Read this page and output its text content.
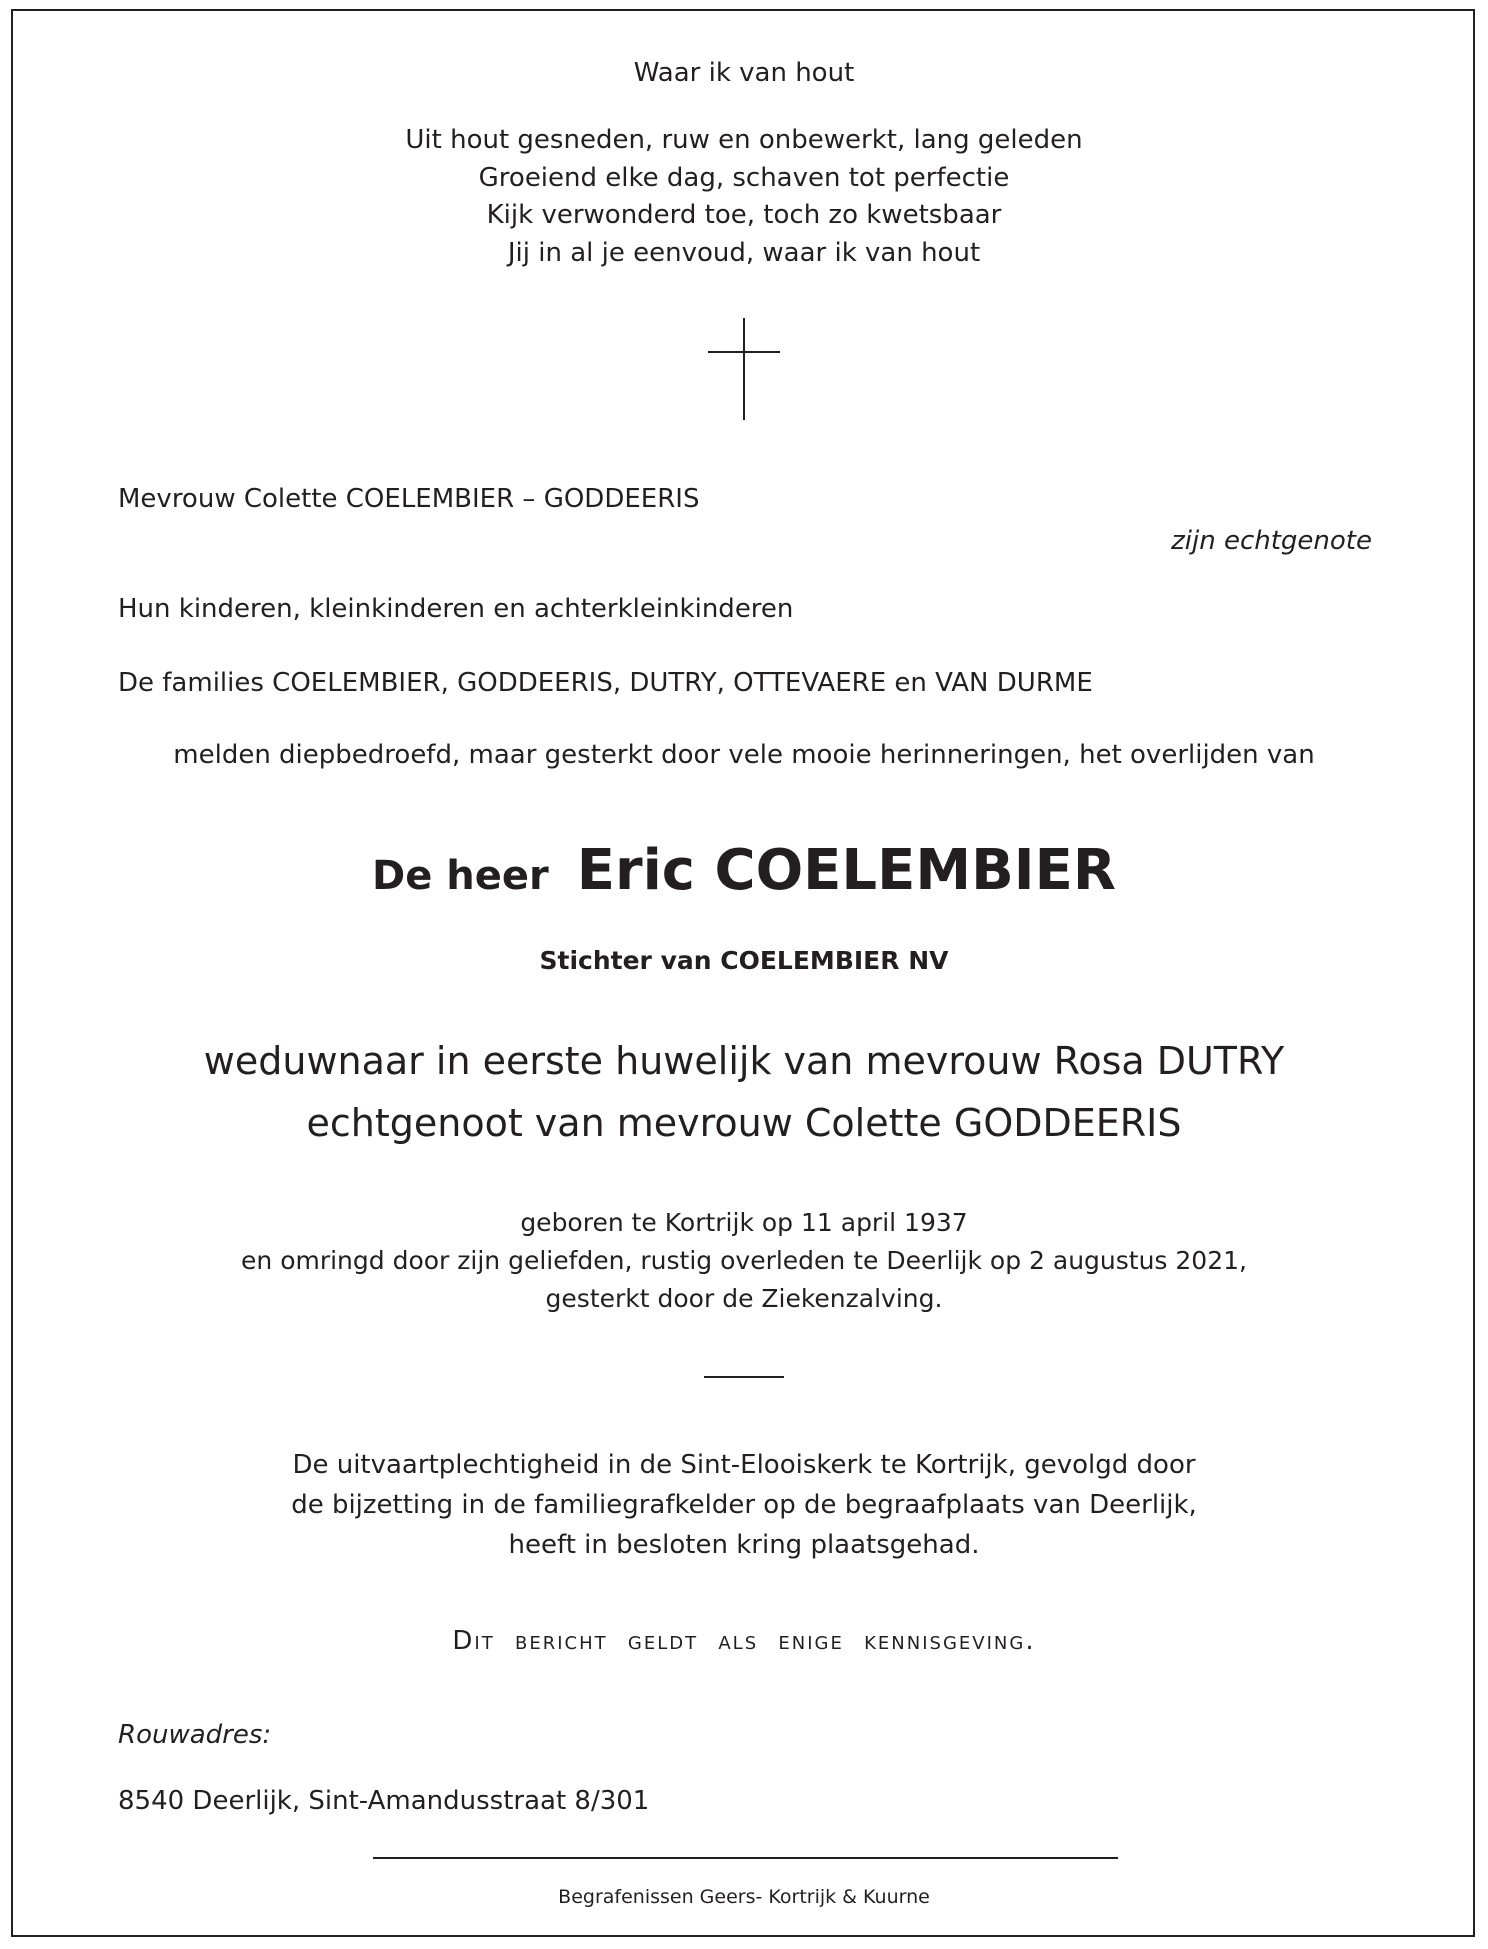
Waar ik van hout
Uit hout gesneden, ruw en onbewerkt, lang geleden
Groeiend elke dag, schaven tot perfectie
Kijk verwonderd toe, toch zo kwetsbaar
Jij in al je eenvoud, waar ik van hout
Mevrouw Colette COELEMBIER – GODDEERIS
zijn echtgenote
Hun kinderen, kleinkinderen en achterkleinkinderen
De families COELEMBIER, GODDEERIS, DUTRY, OTTEVAERE en VAN DURME
melden diepbedroefd, maar gesterkt door vele mooie herinneringen, het overlijden van
De heer Eric COELEMBIER
Stichter van COELEMBIER NV
weduwnaar in eerste huwelijk van mevrouw Rosa DUTRY
echtgenoot van mevrouw Colette GODDEERIS
geboren te Kortrijk op 11 april 1937
en omringd door zijn geliefden, rustig overleden te Deerlijk op 2 augustus 2021,
gesterkt door de Ziekenzalving.
De uitvaartplechtigheid in de Sint-Elooiskerk te Kortrijk, gevolgd door
de bijzetting in de familiegrafkelder op de begraafplaats van Deerlijk,
heeft in besloten kring plaatsgehad.
Dit bericht geldt als enige kennisgeving.
Rouwadres:
8540 Deerlijk, Sint-Amandusstraat 8/301
Begrafenissen Geers- Kortrijk & Kuurne
